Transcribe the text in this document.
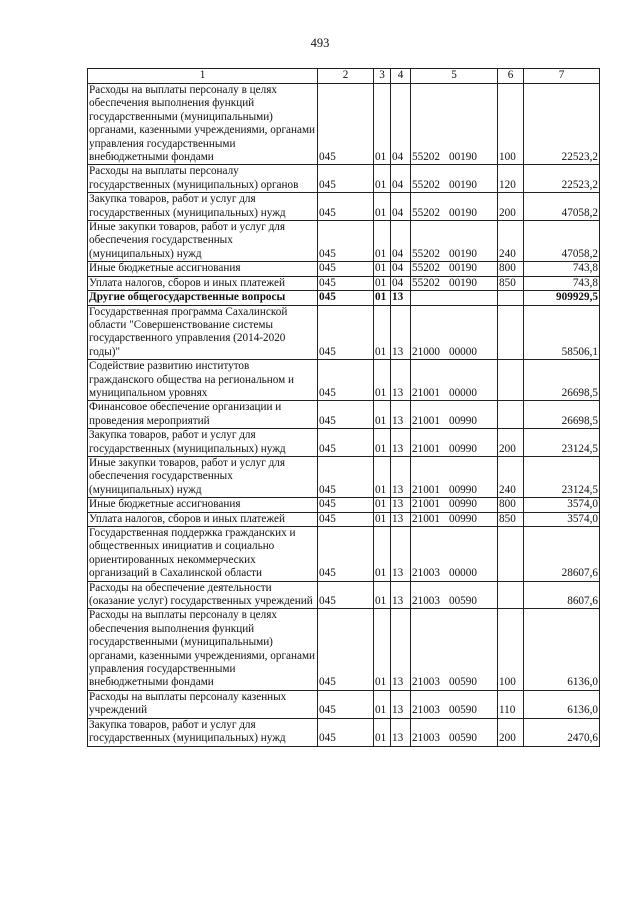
493
1	2	3	4	5	6	7
Расходы на выплаты персоналу в целях обеспечения выполнения функций государственными (муниципальными) органами, казенными учреждениями, органами управления государственными внебюджетными фондами	045	01	04	55202 00190	100	22523,2
Расходы на выплаты персоналу государственных (муниципальных) органов	045	01	04	55202 00190	120	22523,2
Закупка товаров, работ и услуг для государственных (муниципальных) нужд	045	01	04	55202 00190	200	47058,2
Иные закупки товаров, работ и услуг для обеспечения государственных (муниципальных) нужд	045	01	04	55202 00190	240	47058,2
Иные бюджетные ассигнования	045	01	04	55202 00190	800	743,8
Уплата налогов, сборов и иных платежей	045	01	04	55202 00190	850	743,8
Другие общегосударственные вопросы	045	01	13			909929,5
Государственная программа Сахалинской области "Совершенствование системы государственного управления (2014-2020 годы)"	045	01	13	21000 00000		58506,1
Содействие развитию институтов гражданского общества на региональном и муниципальном уровнях	045	01	13	21001 00000		26698,5
Финансовое обеспечение организации и проведения мероприятий	045	01	13	21001 00990		26698,5
Закупка товаров, работ и услуг для государственных (муниципальных) нужд	045	01	13	21001 00990	200	23124,5
Иные закупки товаров, работ и услуг для обеспечения государственных (муниципальных) нужд	045	01	13	21001 00990	240	23124,5
Иные бюджетные ассигнования	045	01	13	21001 00990	800	3574,0
Уплата налогов, сборов и иных платежей	045	01	13	21001 00990	850	3574,0
Государственная поддержка гражданских и общественных инициатив и социально ориентированных некоммерческих организаций в Сахалинской области	045	01	13	21003 00000		28607,6
Расходы на обеспечение деятельности (оказание услуг) государственных учреждений	045	01	13	21003 00590		8607,6
Расходы на выплаты персоналу в целях обеспечения выполнения функций государственными (муниципальными) органами, казенными учреждениями, органами управления государственными внебюджетными фондами	045	01	13	21003 00590	100	6136,0
Расходы на выплаты персоналу казенных учреждений	045	01	13	21003 00590	110	6136,0
Закупка товаров, работ и услуг для государственных (муниципальных) нужд	045	01	13	21003 00590	200	2470,6
